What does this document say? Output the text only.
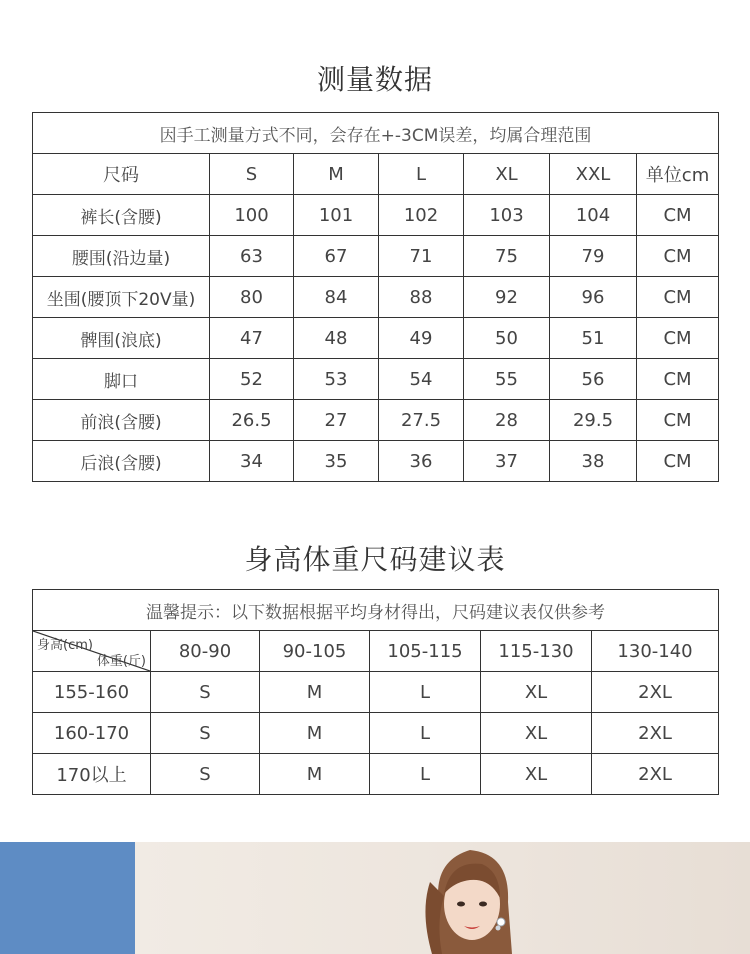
测量数据
因手工测量方式不同，会存在+-3CM误差，均属合理范围						
尺码	S	M	L	XL	XXL	单位cm
裤长(含腰)	100	101	102	103	104	CM
腰围(沿边量)	63	67	71	75	79	CM
坐围(腰顶下20V量)	80	84	88	92	96	CM
髀围(浪底)	47	48	49	50	51	CM
脚口	52	53	54	55	56	CM
前浪(含腰)	26.5	27	27.5	28	29.5	CM
后浪(含腰)	34	35	36	37	38	CM
身高体重尺码建议表
温馨提示：以下数据根据平均身材得出，尺码建议表仅供参考					

身高(cm)
体重(斤)	80-90	90-105	105-115	115-130	130-140
155-160	S	M	L	XL	2XL
160-170	S	M	L	XL	2XL
170以上	S	M	L	XL	2XL
